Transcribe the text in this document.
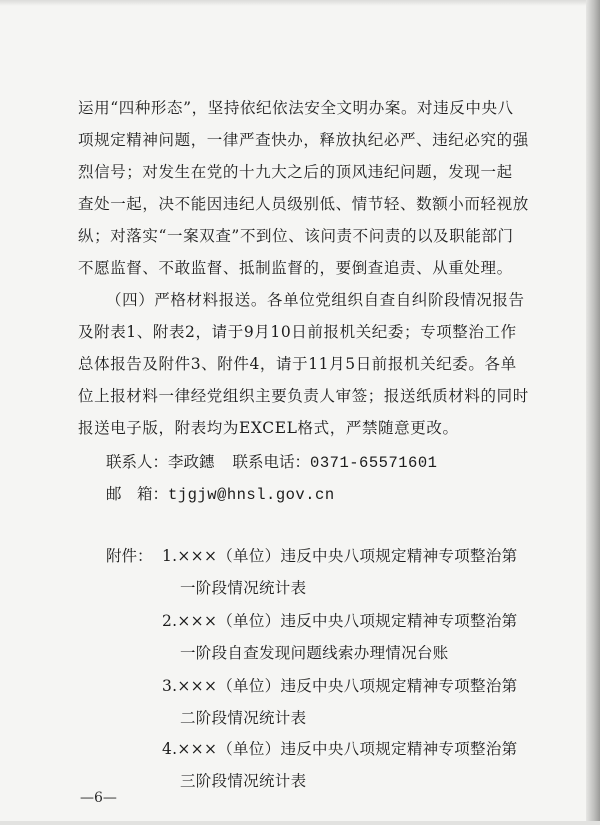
运用“四种形态”，坚持依纪依法安全文明办案。对违反中央八
项规定精神问题，一律严查快办，释放执纪必严、违纪必究的强
烈信号；对发生在党的十九大之后的顶风违纪问题，发现一起
查处一起，决不能因违纪人员级别低、情节轻、数额小而轻视放
纵；对落实“一案双查”不到位、该问责不问责的以及职能部门
不愿监督、不敢监督、抵制监督的，要倒查追责、从重处理。
（四）严格材料报送。各单位党组织自查自纠阶段情况报告
及附表1、附表2，请于9月10日前报机关纪委；专项整治工作
总体报告及附件3、附件4，请于11月5日前报机关纪委。各单
位上报材料一律经党组织主要负责人审签；报送纸质材料的同时
报送电子版，附表均为EXCEL格式，严禁随意更改。
联系人：李政鏸 联系电话：0371-65571601
邮　箱：tjgjw@hnsl.gov.cn
附件： 1.×××（单位）违反中央八项规定精神专项整治第
一阶段情况统计表
2.×××（单位）违反中央八项规定精神专项整治第
一阶段自查发现问题线索办理情况台账
3.×××（单位）违反中央八项规定精神专项整治第
二阶段情况统计表
4.×××（单位）违反中央八项规定精神专项整治第
三阶段情况统计表
—6—
